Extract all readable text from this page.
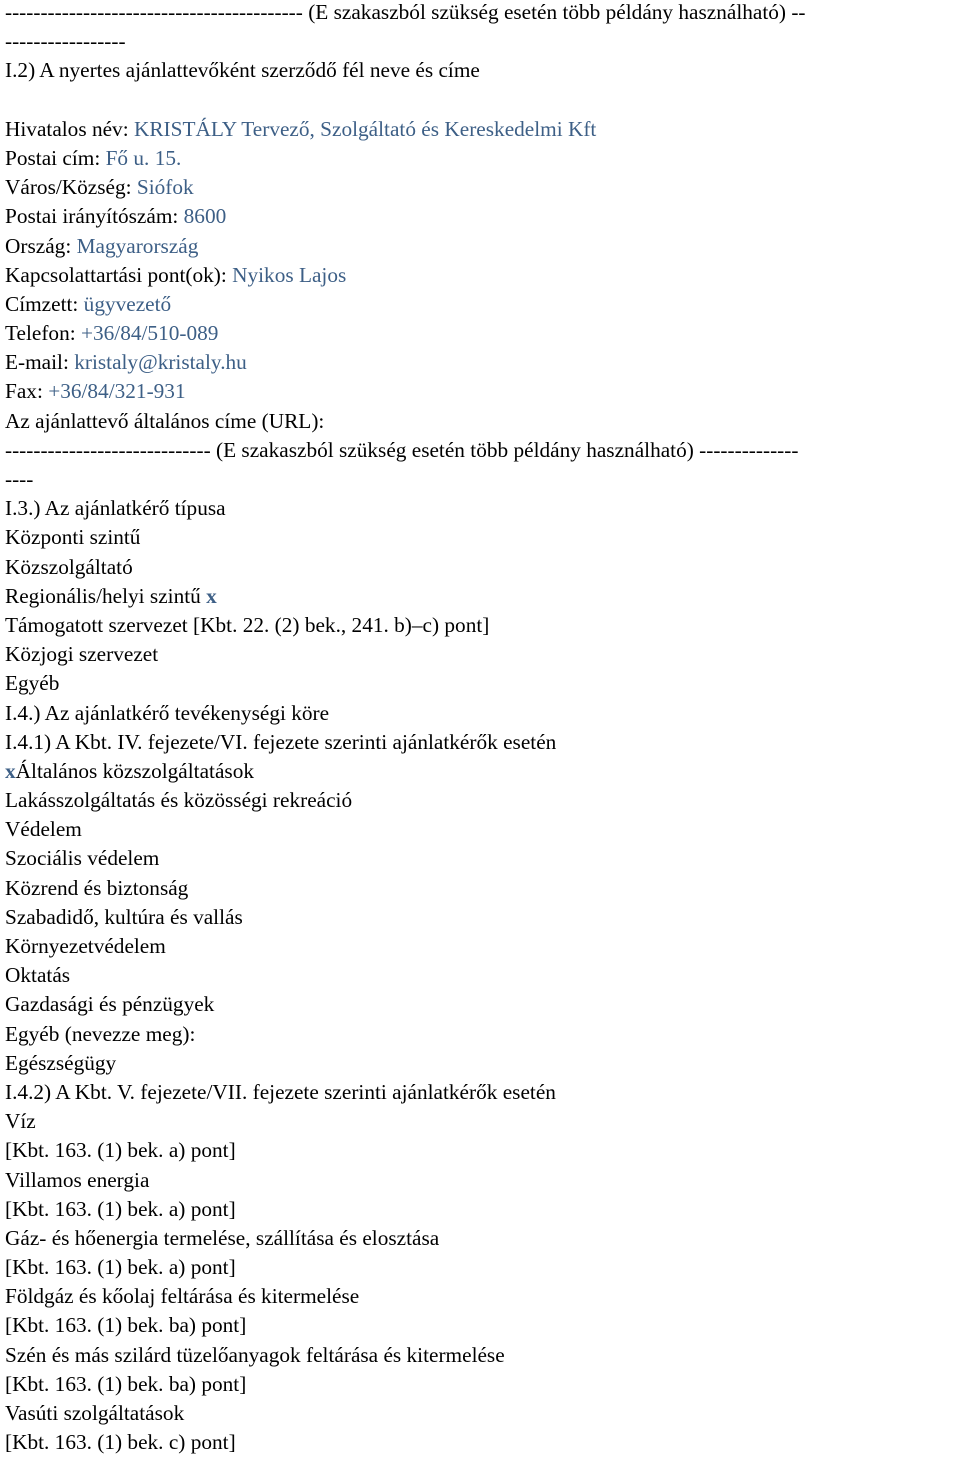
------------------------------------------ (E szakaszból szükség esetén több példány használható) --
-----------------
I.2) A nyertes ajánlattevőként szerződő fél neve és címe
Hivatalos név: KRISTÁLY Tervező, Szolgáltató és Kereskedelmi Kft
Postai cím: Fő u. 15.
Város/Község: Siófok
Postai irányítószám: 8600
Ország: Magyarország
Kapcsolattartási pont(ok): Nyikos Lajos
Címzett: ügyvezető
Telefon: +36/84/510-089
E-mail: kristaly@kristaly.hu
Fax: +36/84/321-931
Az ajánlattevő általános címe (URL):
----------------------------- (E szakaszból szükség esetén több példány használható) --------------
----
I.3.) Az ajánlatkérő típusa
Központi szintű
Közszolgáltató
Regionális/helyi szintű x
Támogatott szervezet [Kbt. 22. (2) bek., 241. b)–c) pont]
Közjogi szervezet
Egyéb
I.4.) Az ajánlatkérő tevékenységi köre
I.4.1) A Kbt. IV. fejezete/VI. fejezete szerinti ajánlatkérők esetén
xÁltalános közszolgáltatások
Lakásszolgáltatás és közösségi rekreáció
Védelem
Szociális védelem
Közrend és biztonság
Szabadidő, kultúra és vallás
Környezetvédelem
Oktatás
Gazdasági és pénzügyek
Egyéb (nevezze meg):
Egészségügy
I.4.2) A Kbt. V. fejezete/VII. fejezete szerinti ajánlatkérők esetén
Víz
[Kbt. 163. (1) bek. a) pont]
Villamos energia
[Kbt. 163. (1) bek. a) pont]
Gáz- és hőenergia termelése, szállítása és elosztása
[Kbt. 163. (1) bek. a) pont]
Földgáz és kőolaj feltárása és kitermelése
[Kbt. 163. (1) bek. ba) pont]
Szén és más szilárd tüzelőanyagok feltárása és kitermelése
[Kbt. 163. (1) bek. ba) pont]
Vasúti szolgáltatások
[Kbt. 163. (1) bek. c) pont]
